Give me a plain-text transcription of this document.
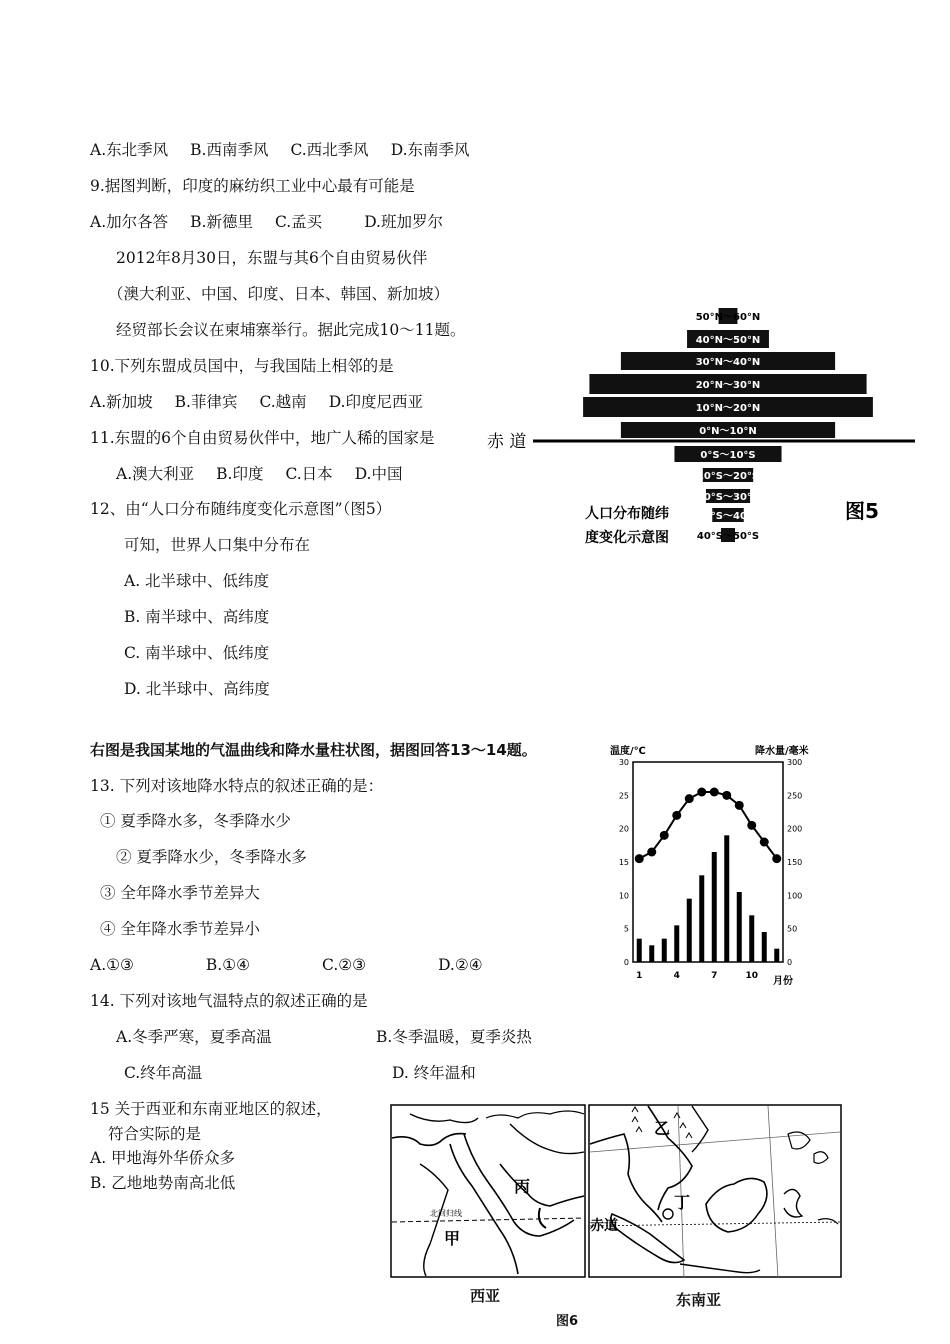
A.东北季风 B.西南季风 C.西北季风 D.东南季风
9.据图判断，印度的麻纺织工业中心最有可能是
A.加尔各答 B.新德里 C.孟买	D.班加罗尔
2012年8月30日，东盟与其6个自由贸易伙伴
（澳大利亚、中国、印度、日本、韩国、新加坡）
经贸部长会议在柬埔寨举行。据此完成10～11题。
10.下列东盟成员国中，与我国陆上相邻的是
A.新加坡 B.菲律宾 C.越南 D.印度尼西亚
11.东盟的6个自由贸易伙伴中，地广人稀的国家是
A.澳大利亚 B.印度 C.日本 D.中国
12、由“人口分布随纬度变化示意图”（图5）
可知，世界人口集中分布在
A. 北半球中、低纬度
B. 南半球中、高纬度
C. 南半球中、低纬度
D. 北半球中、高纬度
50°N～60°N
40°N～50°N
30°N～40°N
20°N～30°N
10°N～20°N
0°N～10°N
0°S～10°S
10°S～20°S
20°S～30°S
30°S～40°S
40°S～50°S
赤 道
人口分布随纬
度变化示意图
图5
右图是我国某地的气温曲线和降水量柱状图，据图回答13～14题。
13. 下列对该地降水特点的叙述正确的是：
① 夏季降水多，冬季降水少
② 夏季降水少，冬季降水多
③ 全年降水季节差异大
④ 全年降水季节差异小
A.①③	B.①④	C.②③	D.②④
温度/℃	降水量/毫米
0
5
10
15
20
25
30
0
50
100
150
200
250
300
1	4	7	10 月份
14. 下列对该地气温特点的叙述正确的是
A.冬季严寒，夏季高温	B.冬季温暖，夏季炎热
C.终年高温	D. 终年温和
15 关于西亚和东南亚地区的叙述，
符合实际的是
A. 甲地海外华侨众多
B. 乙地地势南高北低
北回归线
丙
甲
西亚
乙
丁
赤道
东南亚
图6
